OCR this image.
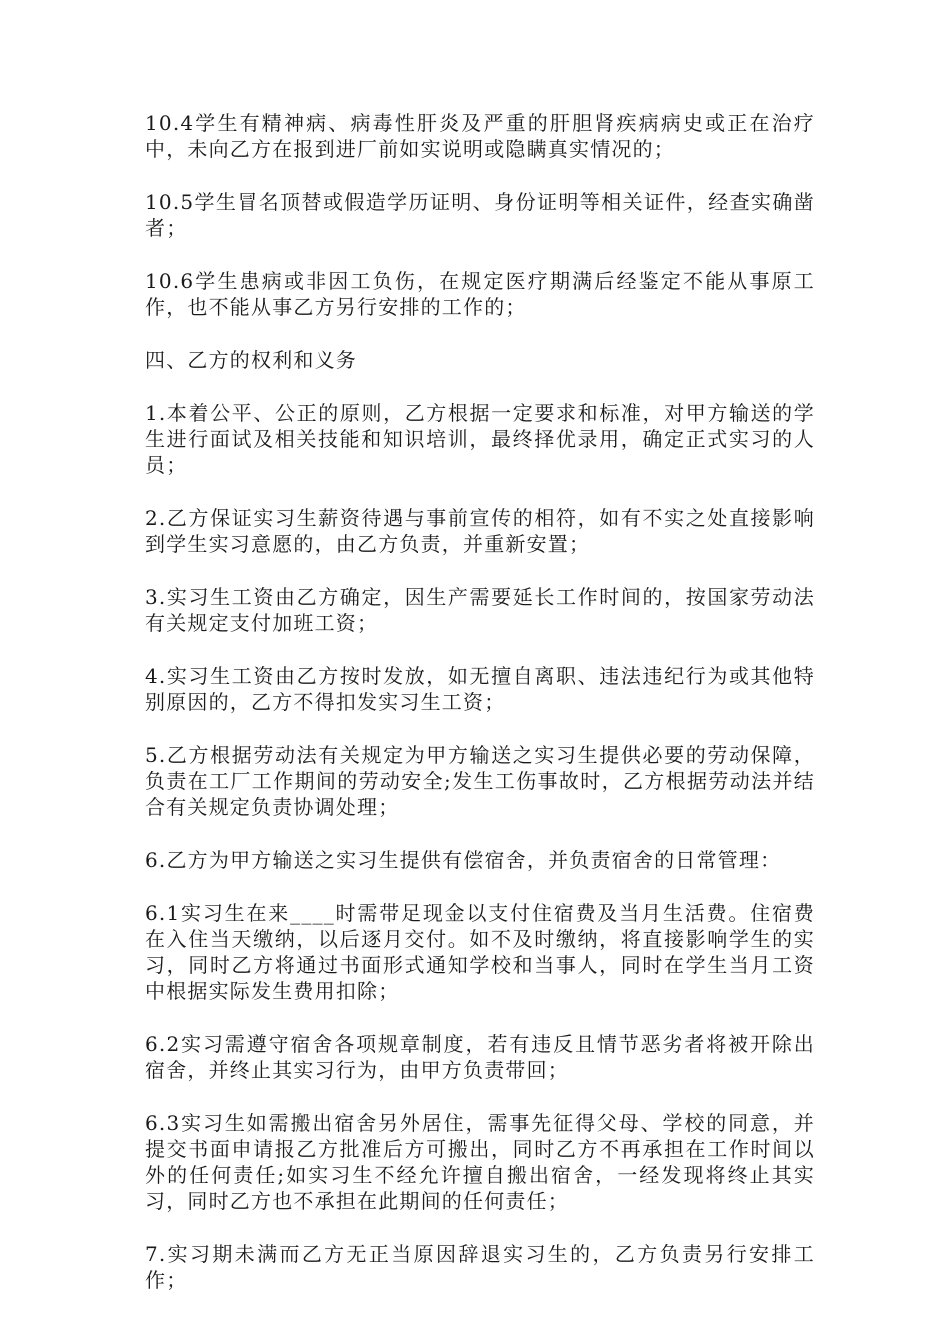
10.4学生有精神病、病毒性肝炎及严重的肝胆肾疾病病史或正在治疗中，未向乙方在报到进厂前如实说明或隐瞒真实情况的；

10.5学生冒名顶替或假造学历证明、身份证明等相关证件，经查实确凿者；

10.6学生患病或非因工负伤，在规定医疗期满后经鉴定不能从事原工作，也不能从事乙方另行安排的工作的；

四、乙方的权利和义务

1.本着公平、公正的原则，乙方根据一定要求和标准，对甲方输送的学生进行面试及相关技能和知识培训，最终择优录用，确定正式实习的人员；

2.乙方保证实习生薪资待遇与事前宣传的相符，如有不实之处直接影响到学生实习意愿的，由乙方负责，并重新安置；

3.实习生工资由乙方确定，因生产需要延长工作时间的，按国家劳动法有关规定支付加班工资；

4.实习生工资由乙方按时发放，如无擅自离职、违法违纪行为或其他特别原因的，乙方不得扣发实习生工资；

5.乙方根据劳动法有关规定为甲方输送之实习生提供必要的劳动保障，负责在工厂工作期间的劳动安全;发生工伤事故时，乙方根据劳动法并结合有关规定负责协调处理；

6.乙方为甲方输送之实习生提供有偿宿舍，并负责宿舍的日常管理：

6.1实习生在来____时需带足现金以支付住宿费及当月生活费。住宿费在入住当天缴纳，以后逐月交付。如不及时缴纳，将直接影响学生的实习，同时乙方将通过书面形式通知学校和当事人，同时在学生当月工资中根据实际发生费用扣除；

6.2实习需遵守宿舍各项规章制度，若有违反且情节恶劣者将被开除出宿舍，并终止其实习行为，由甲方负责带回；

6.3实习生如需搬出宿舍另外居住，需事先征得父母、学校的同意，并提交书面申请报乙方批准后方可搬出，同时乙方不再承担在工作时间以外的任何责任;如实习生不经允许擅自搬出宿舍，一经发现将终止其实习，同时乙方也不承担在此期间的任何责任；

7.实习期未满而乙方无正当原因辞退实习生的，乙方负责另行安排工作；
